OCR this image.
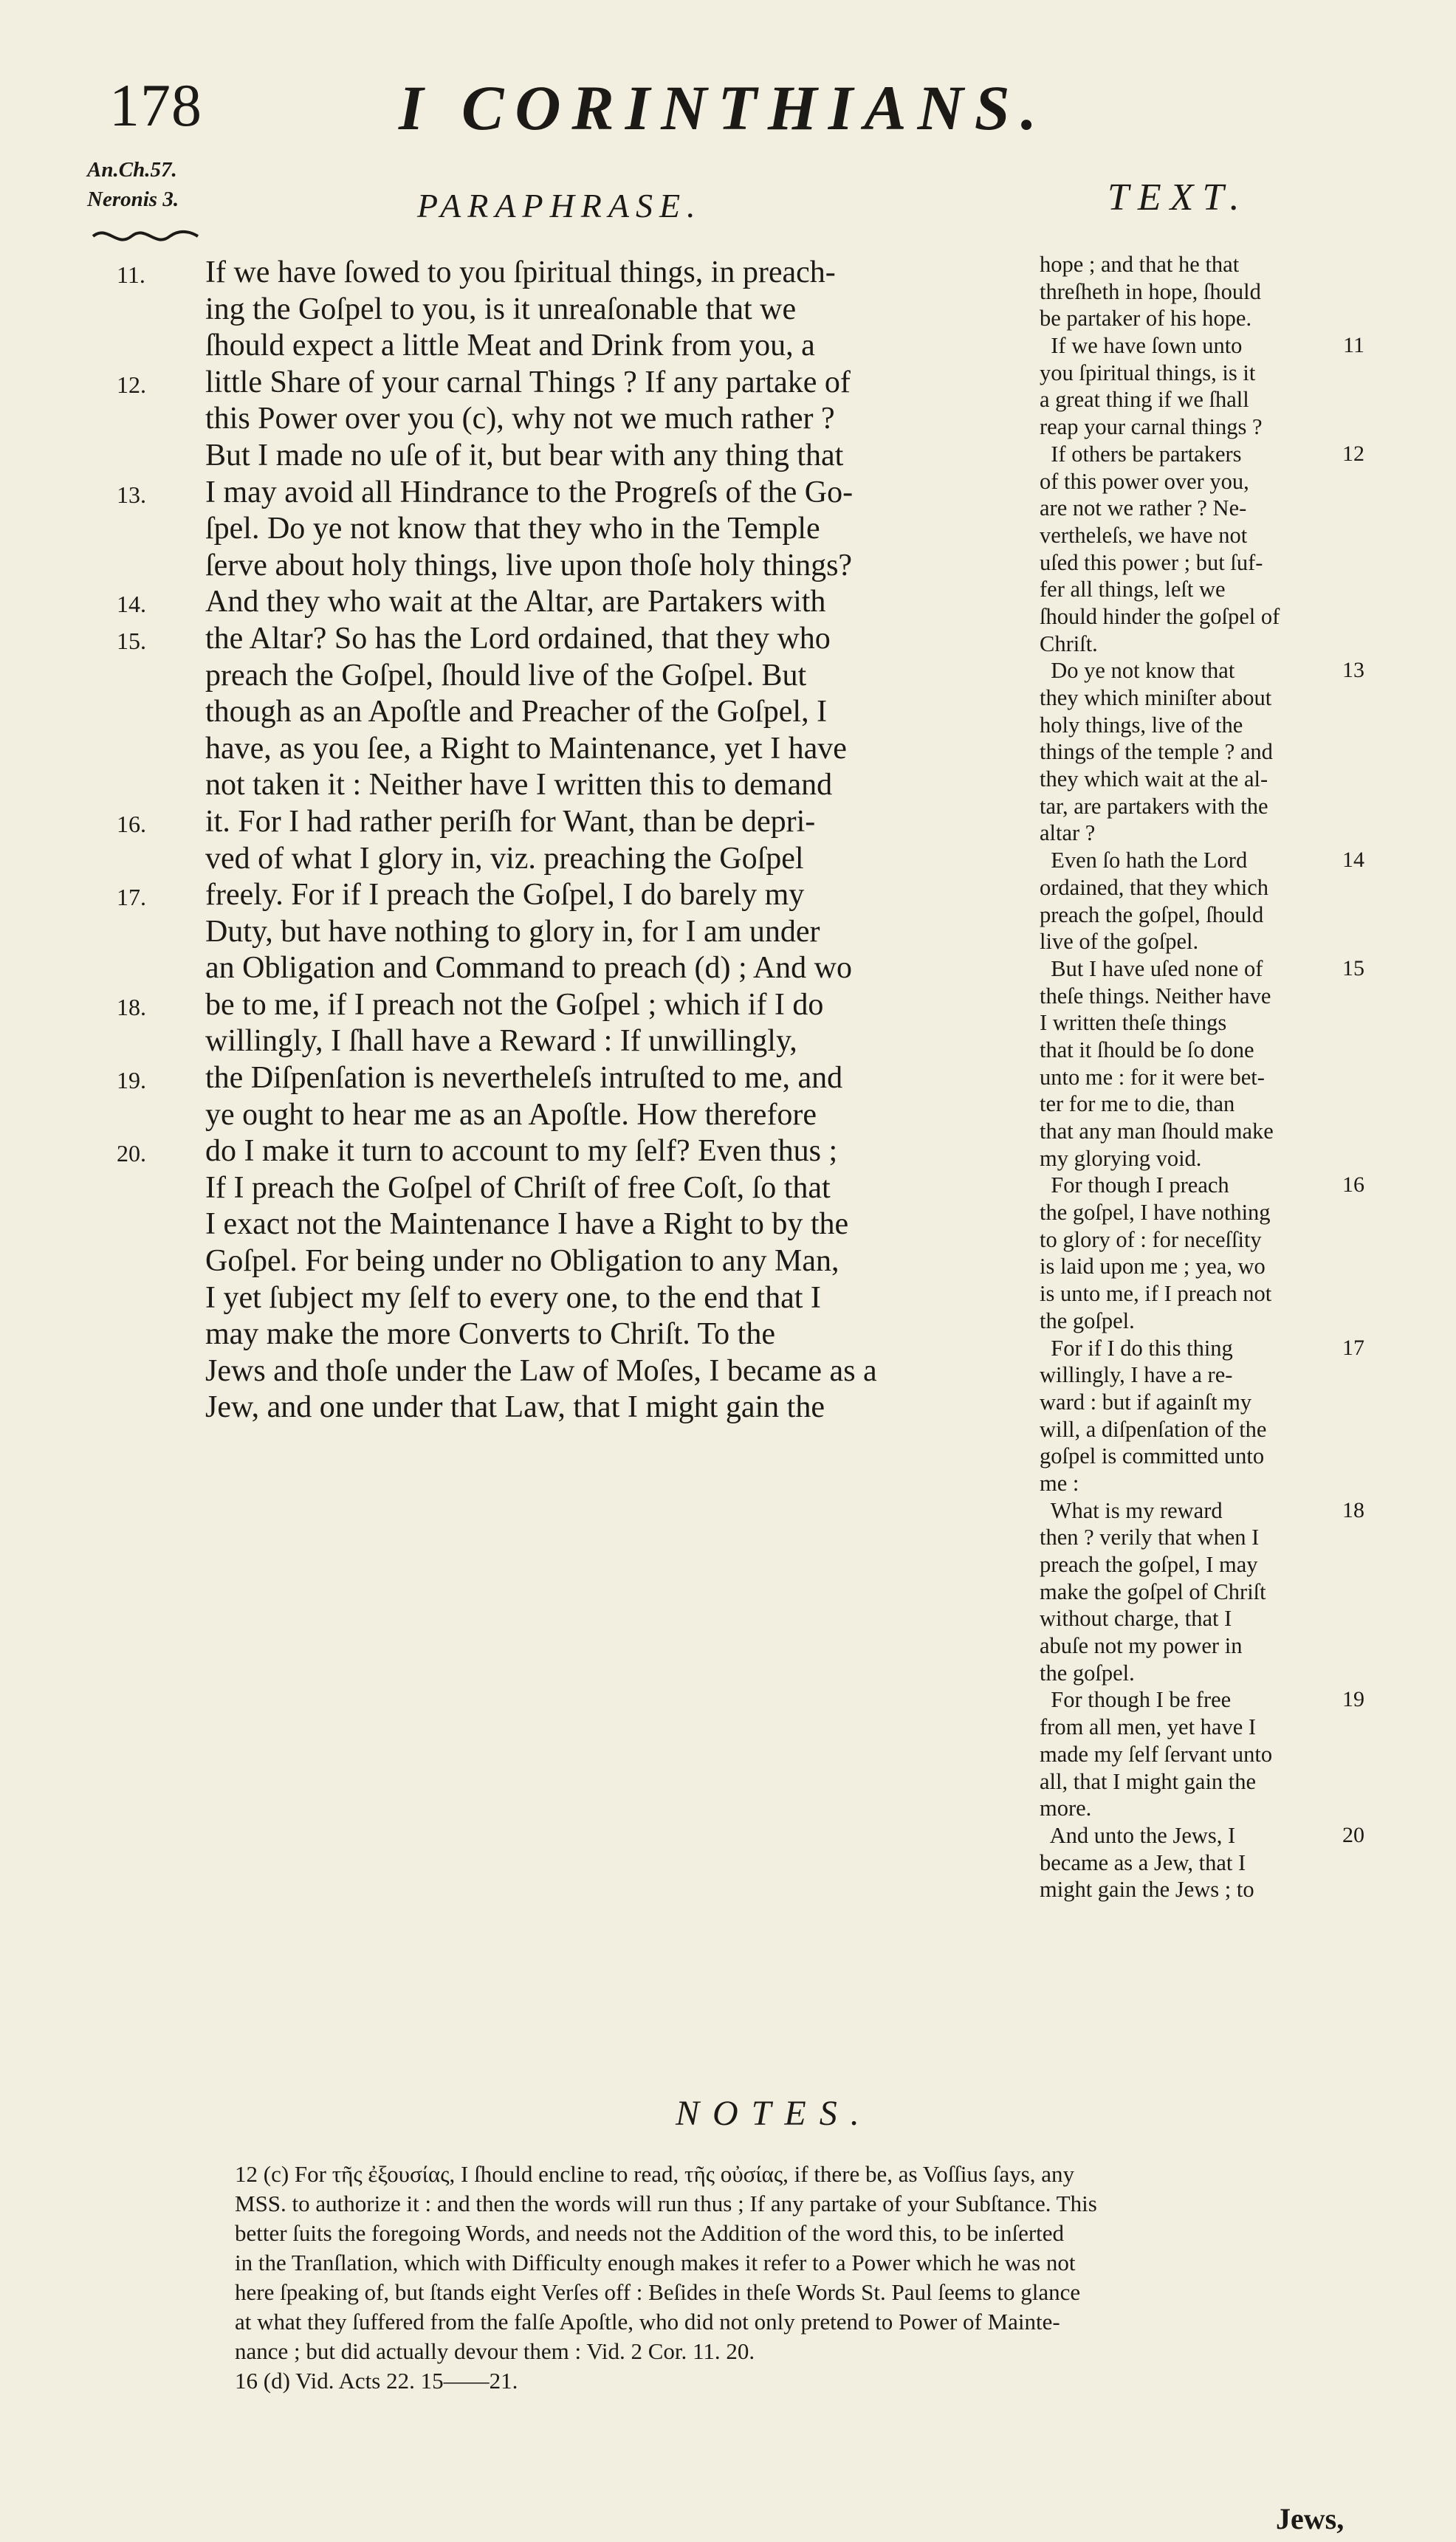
178	I CORINTHIANS.
An.Ch.57.
Neronis 3.	PARAPHRASE.	TEXT.
11.
12.
13.
14.
15.
16.
17.
18.
19.
20.
If we have ſowed to you ſpiritual things, in preach-
ing the Goſpel to you, is it unreaſonable that we
ſhould expect a little Meat and Drink from you, a
little Share of your carnal Things ? If any partake of
this Power over you (c), why not we much rather ?
But I made no uſe of it, but bear with any thing that
I may avoid all Hindrance to the Progreſs of the Go-
ſpel. Do ye not know that they who in the Temple
ſerve about holy things, live upon thoſe holy things?
And they who wait at the Altar, are Partakers with
the Altar? So has the Lord ordained, that they who
preach the Goſpel, ſhould live of the Goſpel. But
though as an Apoſtle and Preacher of the Goſpel, I
have, as you ſee, a Right to Maintenance, yet I have
not taken it : Neither have I written this to demand
it. For I had rather periſh for Want, than be depri-
ved of what I glory in, viz. preaching the Goſpel
freely. For if I preach the Goſpel, I do barely my
Duty, but have nothing to glory in, for I am under
an Obligation and Command to preach (d) ; And wo
be to me, if I preach not the Goſpel ; which if I do
willingly, I ſhall have a Reward : If unwillingly,
the Diſpenſation is neverthelеſs intruſted to me, and
ye ought to hear me as an Apoſtle. How therefore
do I make it turn to account to my ſelf? Even thus ;
If I preach the Goſpel of Chriſt of free Coſt, ſo that
I exact not the Maintenance I have a Right to by the
Goſpel. For being under no Obligation to any Man,
I yet ſubject my ſelf to every one, to the end that I
may make the more Converts to Chriſt. To the
Jews and thoſe under the Law of Moſes, I became as a
Jew, and one under that Law, that I might gain the
hope ; and that he that
threſheth in hope, ſhould
be partaker of his hope.
If we have ſown unto	11
you ſpiritual things, is it
a great thing if we ſhall
reap your carnal things ?
If others be partakers	12
of this power over you,
are not we rather ? Ne-
vertheleſs, we have not
uſed this power ; but ſuf-
fer all things, leſt we
ſhould hinder the goſpel of
Chriſt.
Do ye not know that	13
they which miniſter about
holy things, live of the
things of the temple ? and
they which wait at the al-
tar, are partakers with the
altar ?
Even ſo hath the Lord	14
ordained, that they which
preach the goſpel, ſhould
live of the goſpel.
But I have uſed none of	15
theſe things. Neither have
I written theſe things
that it ſhould be ſo done
unto me : for it were bet-
ter for me to die, than
that any man ſhould make
my glorying void.
For though I preach	16
the goſpel, I have nothing
to glory of : for neceſſity
is laid upon me ; yea, wo
is unto me, if I preach not
the goſpel.
For if I do this thing	17
willingly, I have a re-
ward : but if againſt my
will, a diſpenſation of the
goſpel is committed unto
me :
What is my reward	18
then ? verily that when I
preach the goſpel, I may
make the goſpel of Chriſt
without charge, that I
abuſe not my power in
the goſpel.
For though I be free	19
from all men, yet have I
made my ſelf ſervant unto
all, that I might gain the
more.
And unto the Jews, I	20
became as a Jew, that I
might gain the Jews ; to
NOTES.
12 (c) For τῆς ἐξουσίας, I ſhould encline to read, τῆς οὐσίας, if there be, as Voſſius ſays, any
MSS. to authorize it : and then the words will run thus ; If any partake of your Subſtance. This
better ſuits the foregoing Words, and needs not the Addition of the word this, to be inſerted
in the Tranſlation, which with Difficulty enough makes it refer to a Power which he was not
here ſpeaking of, but ſtands eight Verſes off : Beſides in theſe Words St. Paul ſeems to glance
at what they ſuffered from the falſe Apoſtle, who did not only pretend to Power of Mainte-
nance ; but did actually devour them : Vid. 2 Cor. 11. 20.
16 (d) Vid. Acts 22. 15——21.
Jews,
